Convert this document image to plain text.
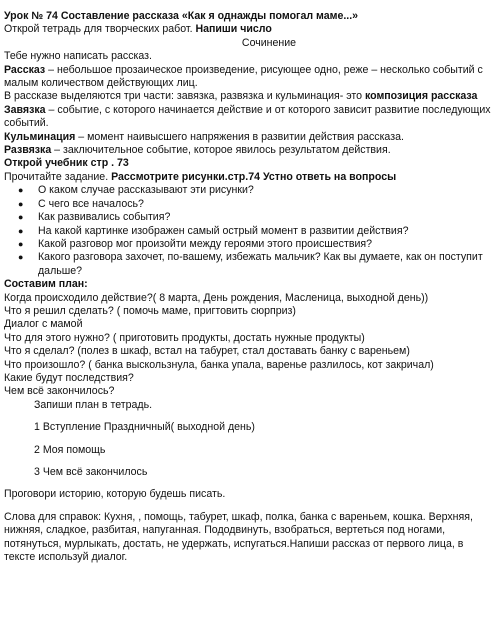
Урок № 74 Составление рассказа «Как я однажды помогал маме...»
Открой тетрадь для творческих работ. Напиши число
Сочинение
Тебе нужно написать рассказ.
Рассказ – небольшое прозаическое произведение, рисующее одно, реже – несколько событий с малым количеством действующих лиц.
В рассказе выделяются три части: завязка, развязка и кульминация- это композиция рассказа
Завязка – событие, с которого начинается действие и от которого зависит развитие последующих событий.
Кульминация – момент наивысшего напряжения в развитии действия рассказа.
Развязка – заключительное событие, которое явилось результатом действия.
Открой учебник стр . 73
Прочитайте задание. Рассмотрите рисунки.стр.74 Устно ответь на вопросы
● О каком случае рассказывают эти рисунки?
● С чего все началось?
● Как развивались события?
● На какой картинке изображен самый острый момент в развитии действия?
● Какой разговор мог произойти между героями этого происшествия?
● Какого разговора захочет, по-вашему, избежать мальчик? Как вы думаете, как он поступит дальше?
Составим план:
Когда происходило действие?( 8 марта, День рождения, Масленица, выходной день))
Что я решил сделать? ( помочь маме, пригтовить сюрприз)
Диалог с мамой
Что для этого нужно? ( приготовить продукты, достать нужные продукты)
Что я сделал? (полез в шкаф, встал на табурет, стал доставать банку с вареньем)
Что произошло? ( банка выскользнула, банка упала, варенье разлилось, кот закричал)
Какие будут последствия?
Чем всё закончилось?
Запиши план в тетрадь.
1 Вступление Праздничный( выходной день)
2 Моя помощь
3 Чем всё закончилось
Проговори историю, которую будешь писать.
Слова для справок: Кухня, , помощь, табурет, шкаф, полка, банка с вареньем, кошка. Верхняя, нижняя, сладкое, разбитая, напуганная. Пододвинуть, взобраться, вертеться под ногами, потянуться, мурлыкать, достать, не удержать, испугаться.Напиши рассказ от первого лица, в тексте используй диалог.
